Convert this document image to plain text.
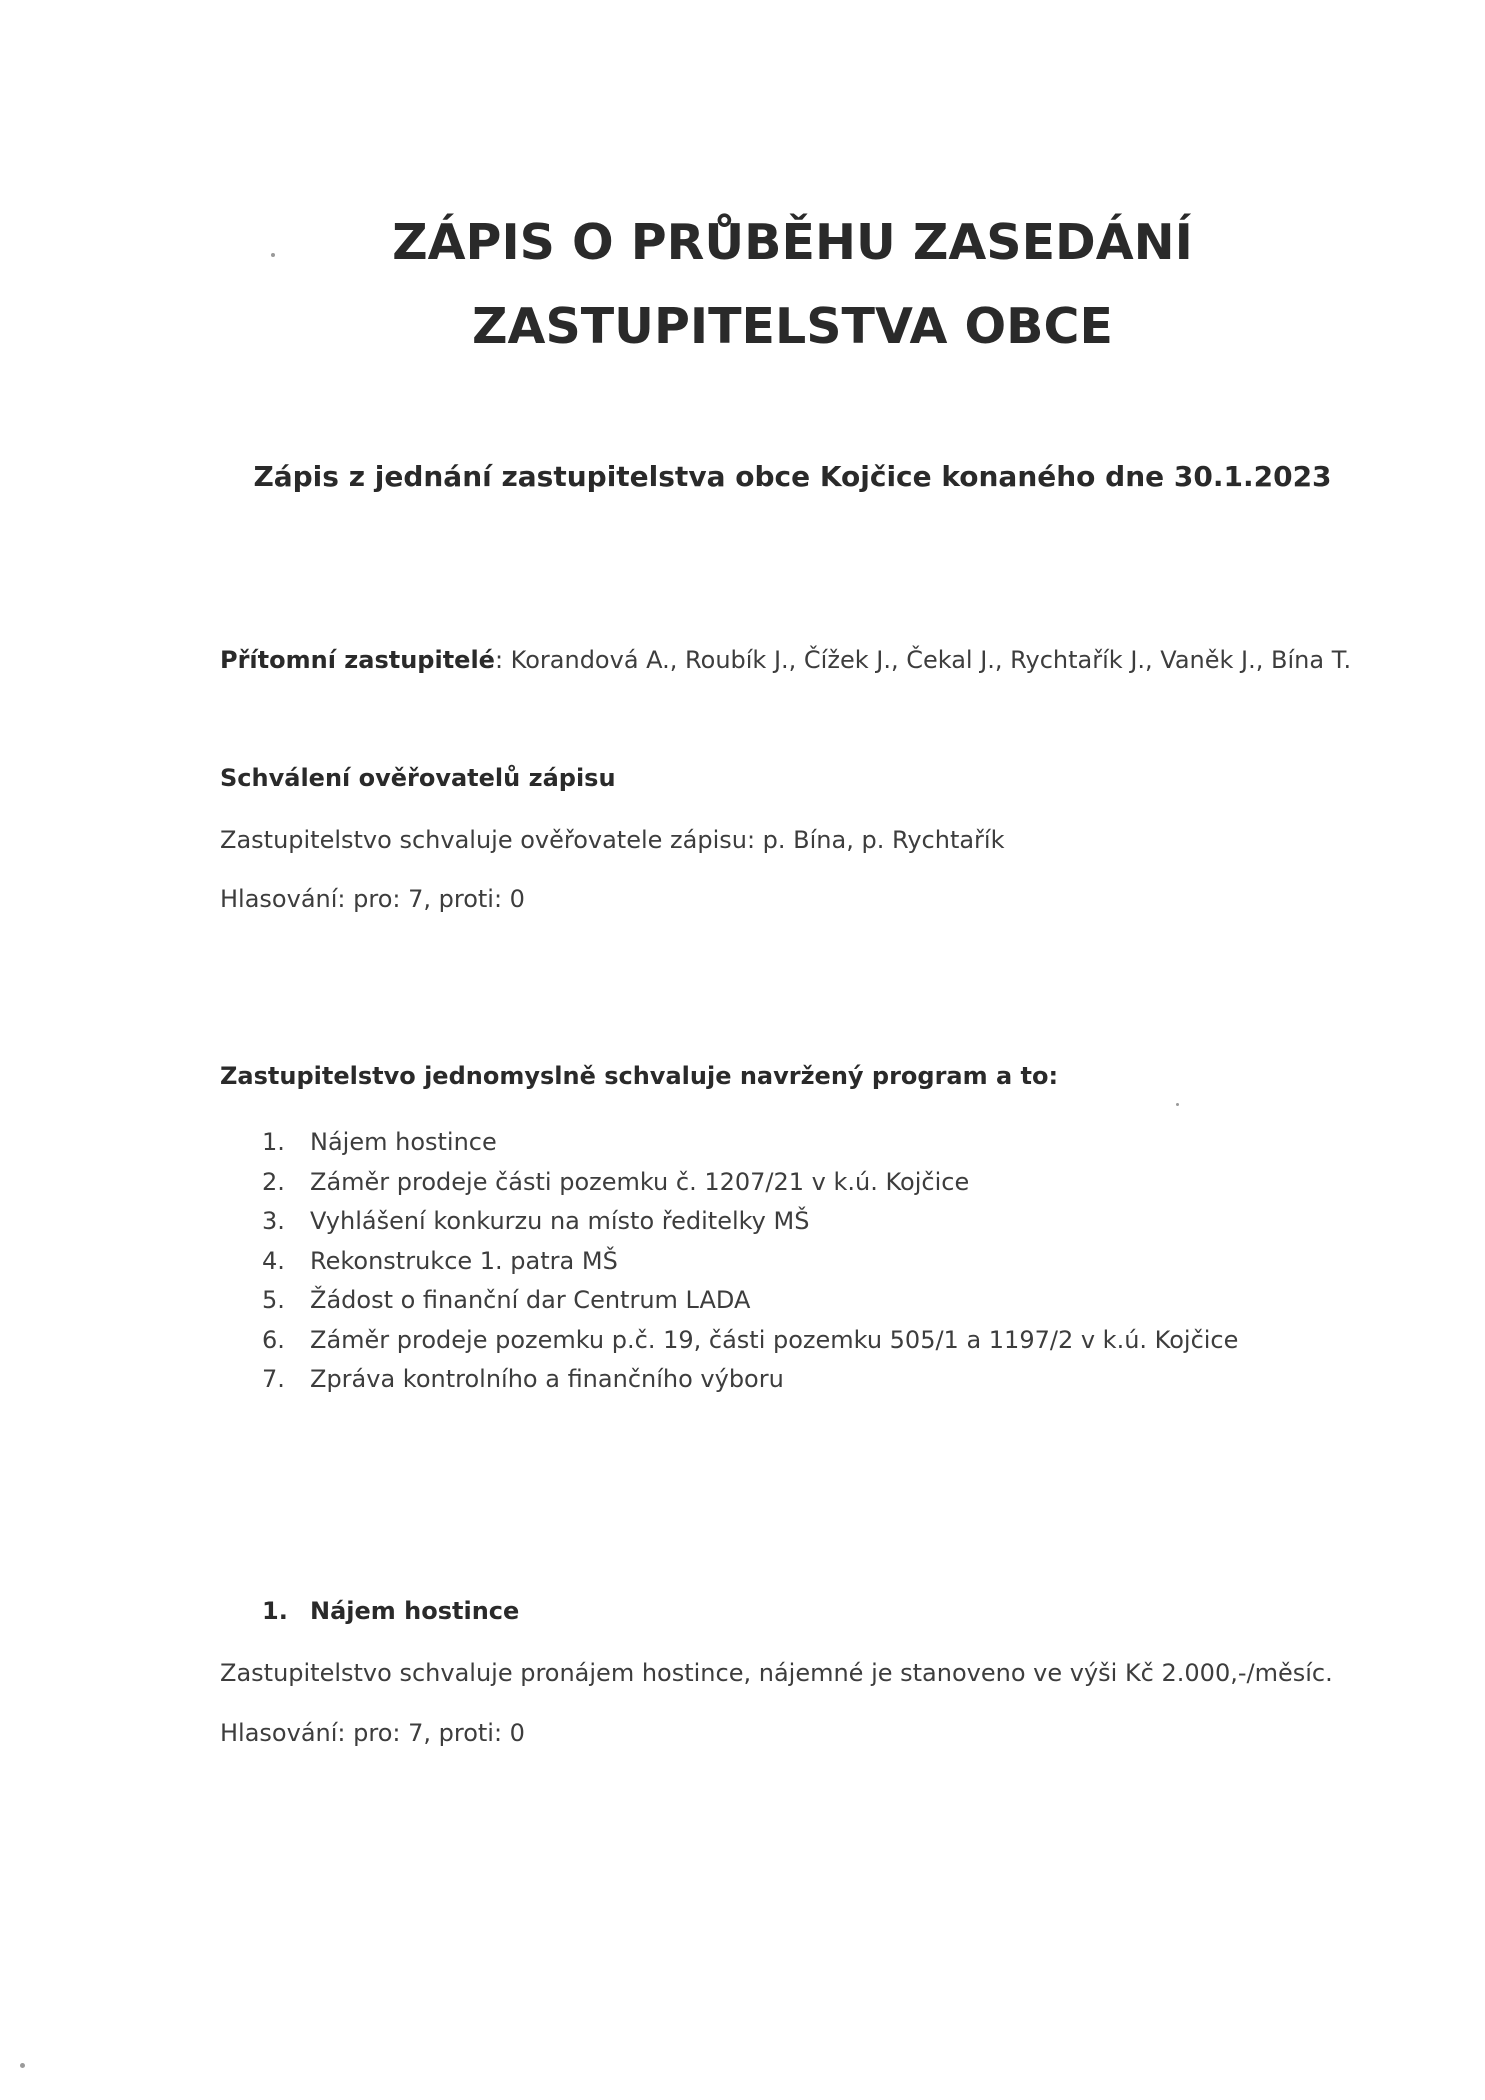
ZÁPIS O PRŮBĚHU ZASEDÁNÍ
ZASTUPITELSTVA OBCE
Zápis z jednání zastupitelstva obce Kojčice konaného dne 30.1.2023

Přítomní zastupitelé: Korandová A., Roubík J., Čížek J., Čekal J., Rychtařík J., Vaněk J., Bína T.

Schválení ověřovatelů zápisu

Zastupitelstvo schvaluje ověřovatele zápisu: p. Bína, p. Rychtařík

Hlasování: pro: 7, proti: 0

Zastupitelstvo jednomyslně schvaluje navržený program a to:
1. Nájem hostince
2. Záměr prodeje části pozemku č. 1207/21 v k.ú. Kojčice
3. Vyhlášení konkurzu na místo ředitelky MŠ
4. Rekonstrukce 1. patra MŠ
5. Žádost o finanční dar Centrum LADA
6. Záměr prodeje pozemku p.č. 19, části pozemku 505/1 a 1197/2 v k.ú. Kojčice
7. Zpráva kontrolního a finančního výboru
1. Nájem hostince

Zastupitelstvo schvaluje pronájem hostince, nájemné je stanoveno ve výši Kč 2.000,-/měsíc.

Hlasování: pro: 7, proti: 0
